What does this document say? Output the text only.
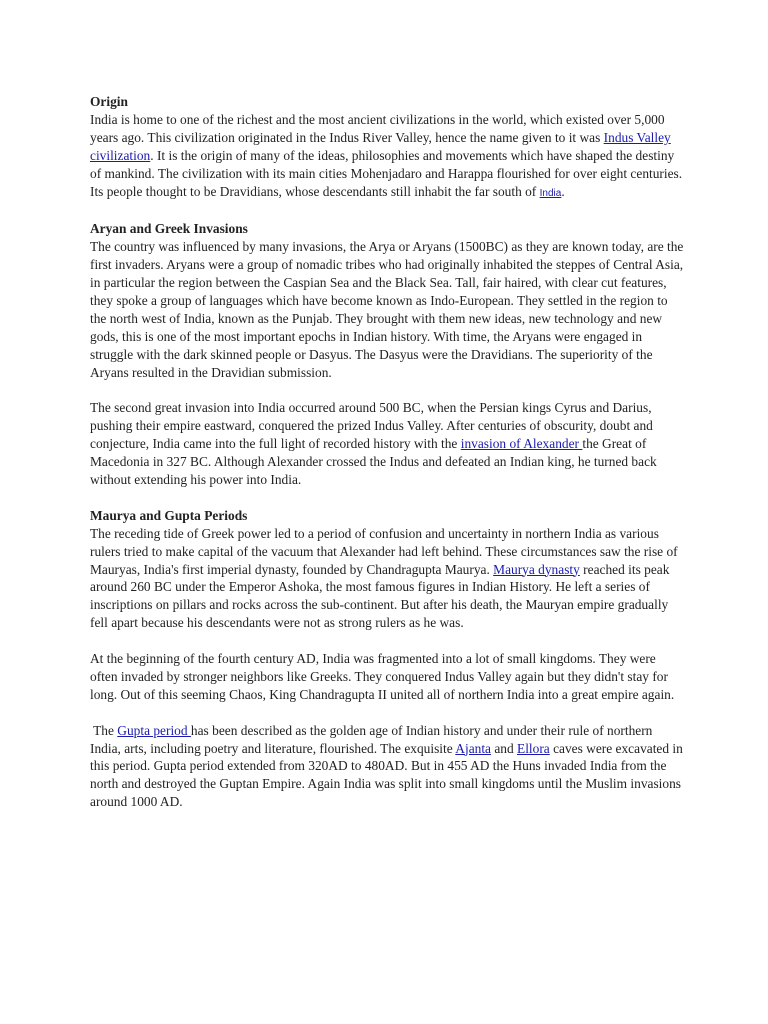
Origin

India is home to one of the richest and the most ancient civilizations in the world, which existed over 5,000 years ago. This civilization originated in the Indus River Valley, hence the name given to it was Indus Valley civilization. It is the origin of many of the ideas, philosophies and movements which have shaped the destiny of mankind. The civilization with its main cities Mohenjadaro and Harappa flourished for over eight centuries. Its people thought to be Dravidians, whose descendants still inhabit the far south of India.

Aryan and Greek Invasions

The country was influenced by many invasions, the Arya or Aryans (1500BC) as they are known today, are the first invaders. Aryans were a group of nomadic tribes who had originally inhabited the steppes of Central Asia, in particular the region between the Caspian Sea and the Black Sea. Tall, fair haired, with clear cut features, they spoke a group of languages which have become known as Indo-European. They settled in the region to the north west of India, known as the Punjab. They brought with them new ideas, new technology and new gods, this is one of the most important epochs in Indian history. With time, the Aryans were engaged in struggle with the dark skinned people or Dasyus. The Dasyus were the Dravidians. The superiority of the Aryans resulted in the Dravidian submission.

The second great invasion into India occurred around 500 BC, when the Persian kings Cyrus and Darius, pushing their empire eastward, conquered the prized Indus Valley. After centuries of obscurity, doubt and conjecture, India came into the full light of recorded history with the invasion of Alexander the Great of Macedonia in 327 BC. Although Alexander crossed the Indus and defeated an Indian king, he turned back without extending his power into India.

Maurya and Gupta Periods

The receding tide of Greek power led to a period of confusion and uncertainty in northern India as various rulers tried to make capital of the vacuum that Alexander had left behind. These circumstances saw the rise of Mauryas, India's first imperial dynasty, founded by Chandragupta Maurya. Maurya dynasty reached its peak around 260 BC under the Emperor Ashoka, the most famous figures in Indian History. He left a series of inscriptions on pillars and rocks across the sub-continent. But after his death, the Mauryan empire gradually fell apart because his descendants were not as strong rulers as he was.

At the beginning of the fourth century AD, India was fragmented into a lot of small kingdoms. They were often invaded by stronger neighbors like Greeks. They conquered Indus Valley again but they didn't stay for long. Out of this seeming Chaos, King Chandragupta II united all of northern India into a great empire again.

The Gupta period has been described as the golden age of Indian history and under their rule of northern India, arts, including poetry and literature, flourished. The exquisite Ajanta and Ellora caves were excavated in this period. Gupta period extended from 320AD to 480AD. But in 455 AD the Huns invaded India from the north and destroyed the Guptan Empire. Again India was split into small kingdoms until the Muslim invasions around 1000 AD.
